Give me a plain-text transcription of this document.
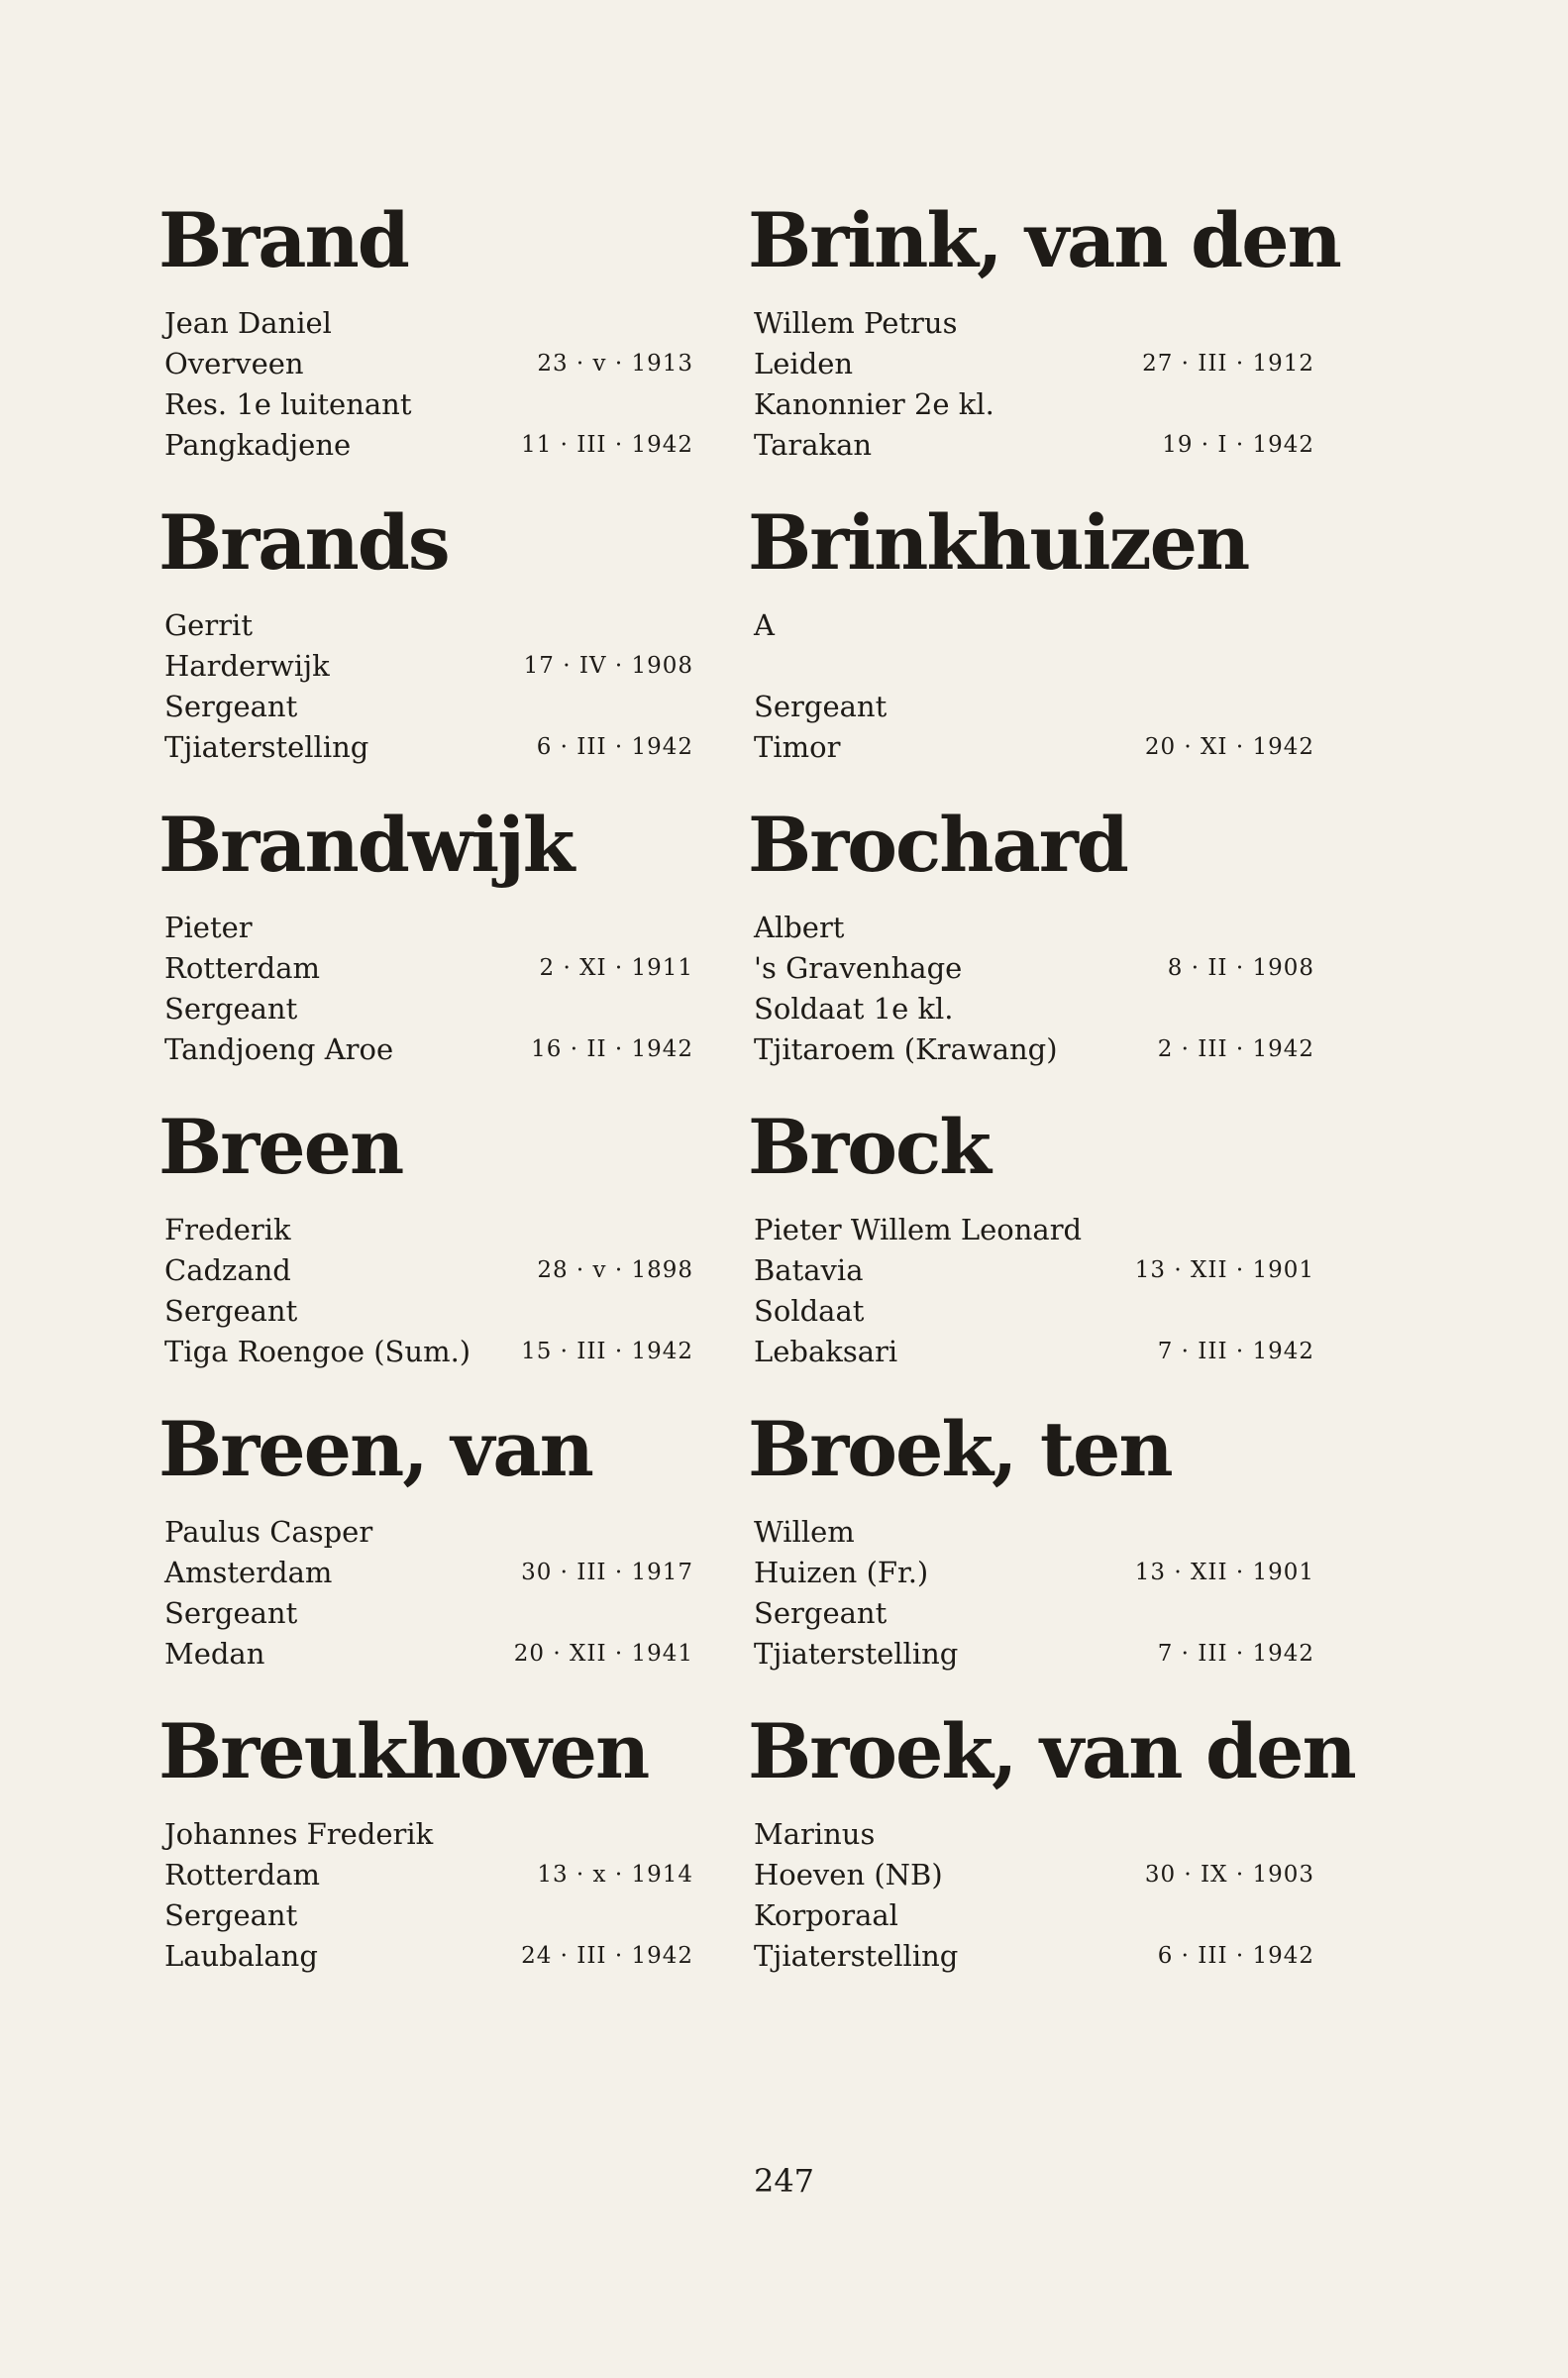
Brand
Jean Daniel
Overveen	23 · v · 1913
Res. 1e luitenant
Pangkadjene	11 · III · 1942
Brands
Gerrit
Harderwijk	17 · IV · 1908
Sergeant
Tjiaterstelling	6 · III · 1942
Brandwijk
Pieter
Rotterdam	2 · XI · 1911
Sergeant
Tandjoeng Aroe	16 · II · 1942
Breen
Frederik
Cadzand	28 · v · 1898
Sergeant
Tiga Roengoe (Sum.) 15 · III · 1942
Breen, van
Paulus Casper
Amsterdam	30 · III · 1917
Sergeant
Medan	20 · XII · 1941
Breukhoven
Johannes Frederik
Rotterdam	13 · x · 1914
Sergeant
Laubalang	24 · III · 1942
Brink, van den
Willem Petrus
Leiden	27 · III · 1912
Kanonnier 2e kl.
Tarakan	19 · I · 1942
Brinkhuizen
A
Sergeant
Timor	20 · XI · 1942
Brochard
Albert
's Gravenhage	8 · II · 1908
Soldaat 1e kl.
Tjitaroem (Krawang)	2 · III · 1942
Brock
Pieter Willem Leonard
Batavia	13 · XII · 1901
Soldaat
Lebaksari	7 · III · 1942
Broek, ten
Willem
Huizen (Fr.)	13 · XII · 1901
Sergeant
Tjiaterstelling	7 · III · 1942
Broek, van den
Marinus
Hoeven (NB)	30 · IX · 1903
Korporaal
Tjiaterstelling	6 · III · 1942
247
